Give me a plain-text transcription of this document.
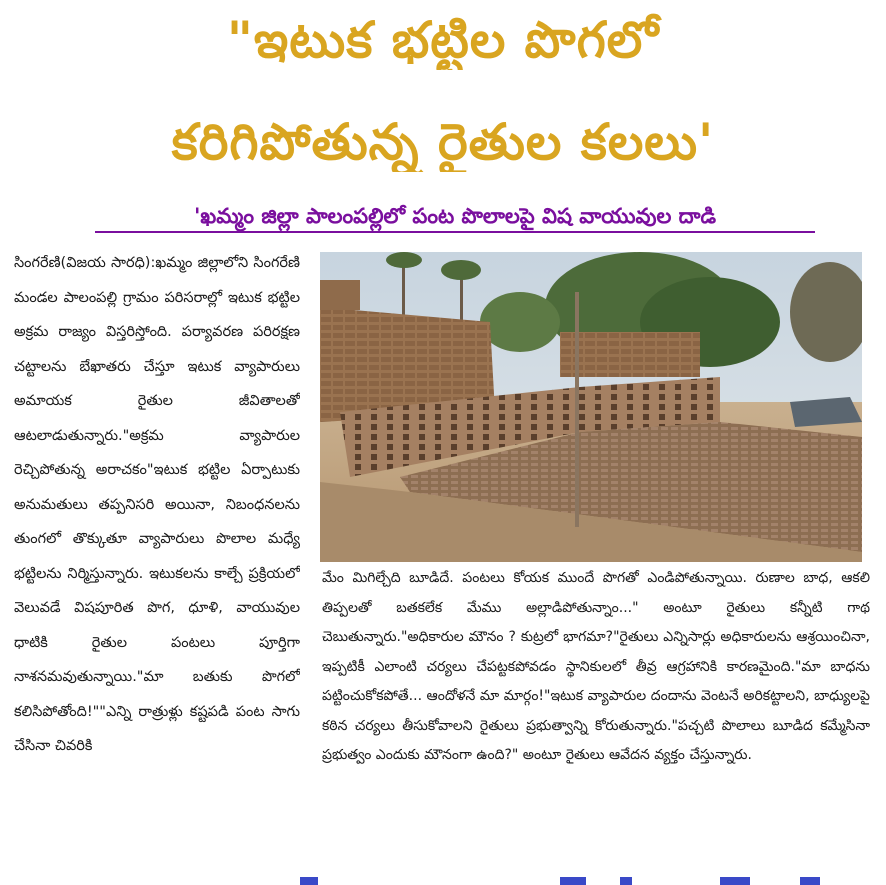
"ఇటుక భట్టిల పొగలో
కరిగిపోతున్న రైతుల కలలు'
'ఖమ్మం జిల్లా పాలంపల్లిలో పంట పొలాలపై విష వాయువుల దాడి

సింగరేణి(విజయ సారధి):ఖమ్మం జిల్లాలోని సింగరేణి మండల పాలంపల్లి గ్రామం పరిసరాల్లో ఇటుక భట్టిల అక్రమ రాజ్యం విస్తరిస్తోంది. పర్యావరణ పరిరక్షణ చట్టాలను బేఖాతరు చేస్తూ ఇటుక వ్యాపారులు అమాయక రైతుల జీవితాలతో ఆటలాడుతున్నారు."అక్రమ వ్యాపారుల రెచ్చిపోతున్న అరాచకం"ఇటుక భట్టిల ఏర్పాటుకు అనుమతులు తప్పనిసరి అయినా, నిబంధనలను తుంగలో తొక్కుతూ వ్యాపారులు పొలాల మధ్యే భట్టిలను నిర్మిస్తున్నారు. ఇటుకలను కాల్చే ప్రక్రియలో వెలువడే విషపూరిత పొగ, ధూళి, వాయువుల ధాటికి రైతుల పంటలు పూర్తిగా నాశనమవుతున్నాయి."మా బతుకు పొగలో కలిసిపోతోంది!""ఎన్ని రాత్రుళ్లు కష్టపడి పంట సాగు చేసినా చివరికి

మేం మిగిల్చేది బూడిదే. పంటలు కోయక ముందే పొగతో ఎండిపోతున్నాయి. రుణాల బాధ, ఆకలి తిప్పలతో బతకలేక మేము అల్లాడిపోతున్నాం..." అంటూ రైతులు కన్నీటి గాథ చెబుతున్నారు."అధికారుల మౌనం ? కుట్రలో భాగమా?"రైతులు ఎన్నిసార్లు అధికారులను ఆశ్రయించినా, ఇప్పటికీ ఎలాంటి చర్యలు చేపట్టకపోవడం స్థానికులలో తీవ్ర ఆగ్రహానికి కారణమైంది."మా బాధను పట్టించుకోకపోతే... ఆందోళనే మా మార్గం!"ఇటుక వ్యాపారుల దందాను వెంటనే అరికట్టాలని, బాధ్యులపై కఠిన చర్యలు తీసుకోవాలని రైతులు ప్రభుత్వాన్ని కోరుతున్నారు."పచ్చటి పొలాలు బూడిద కమ్మేసినా ప్రభుత్వం ఎందుకు మౌనంగా ఉంది?" అంటూ రైతులు ఆవేదన వ్యక్తం చేస్తున్నారు.
